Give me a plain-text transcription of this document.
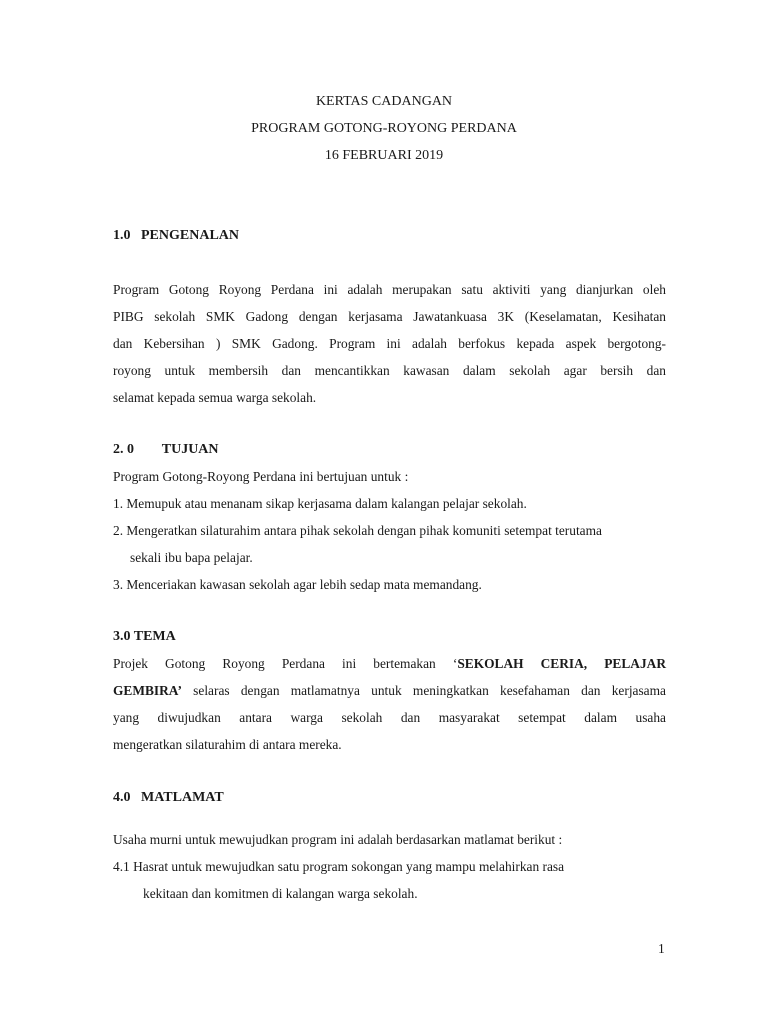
KERTAS CADANGAN
PROGRAM GOTONG-ROYONG PERDANA
16 FEBRUARI 2019
1.0   PENGENALAN
Program Gotong Royong Perdana ini adalah merupakan satu aktiviti yang dianjurkan oleh
PIBG sekolah SMK Gadong dengan kerjasama Jawatankuasa 3K (Keselamatan, Kesihatan
dan Kebersihan ) SMK Gadong. Program ini adalah berfokus kepada aspek bergotong-
royong untuk membersih dan mencantikkan kawasan dalam sekolah agar bersih dan
selamat kepada semua warga sekolah.
2. 0        TUJUAN
Program Gotong-Royong Perdana ini bertujuan untuk :
1. Memupuk atau menanam sikap kerjasama dalam kalangan pelajar sekolah.
2. Mengeratkan silaturahim antara pihak sekolah dengan pihak komuniti setempat terutama
sekali ibu bapa pelajar.
3. Menceriakan kawasan sekolah agar lebih sedap mata memandang.
3.0 TEMA
Projek Gotong Royong Perdana ini bertemakan ‘SEKOLAH CERIA, PELAJAR
GEMBIRA’ selaras dengan matlamatnya untuk meningkatkan kesefahaman dan kerjasama
yang diwujudkan antara warga sekolah dan masyarakat setempat dalam usaha
mengeratkan silaturahim di antara mereka.
4.0   MATLAMAT
Usaha murni untuk mewujudkan program ini adalah berdasarkan matlamat berikut :
4.1 Hasrat untuk mewujudkan satu program sokongan yang mampu melahirkan rasa
kekitaan dan komitmen di kalangan warga sekolah.
1
